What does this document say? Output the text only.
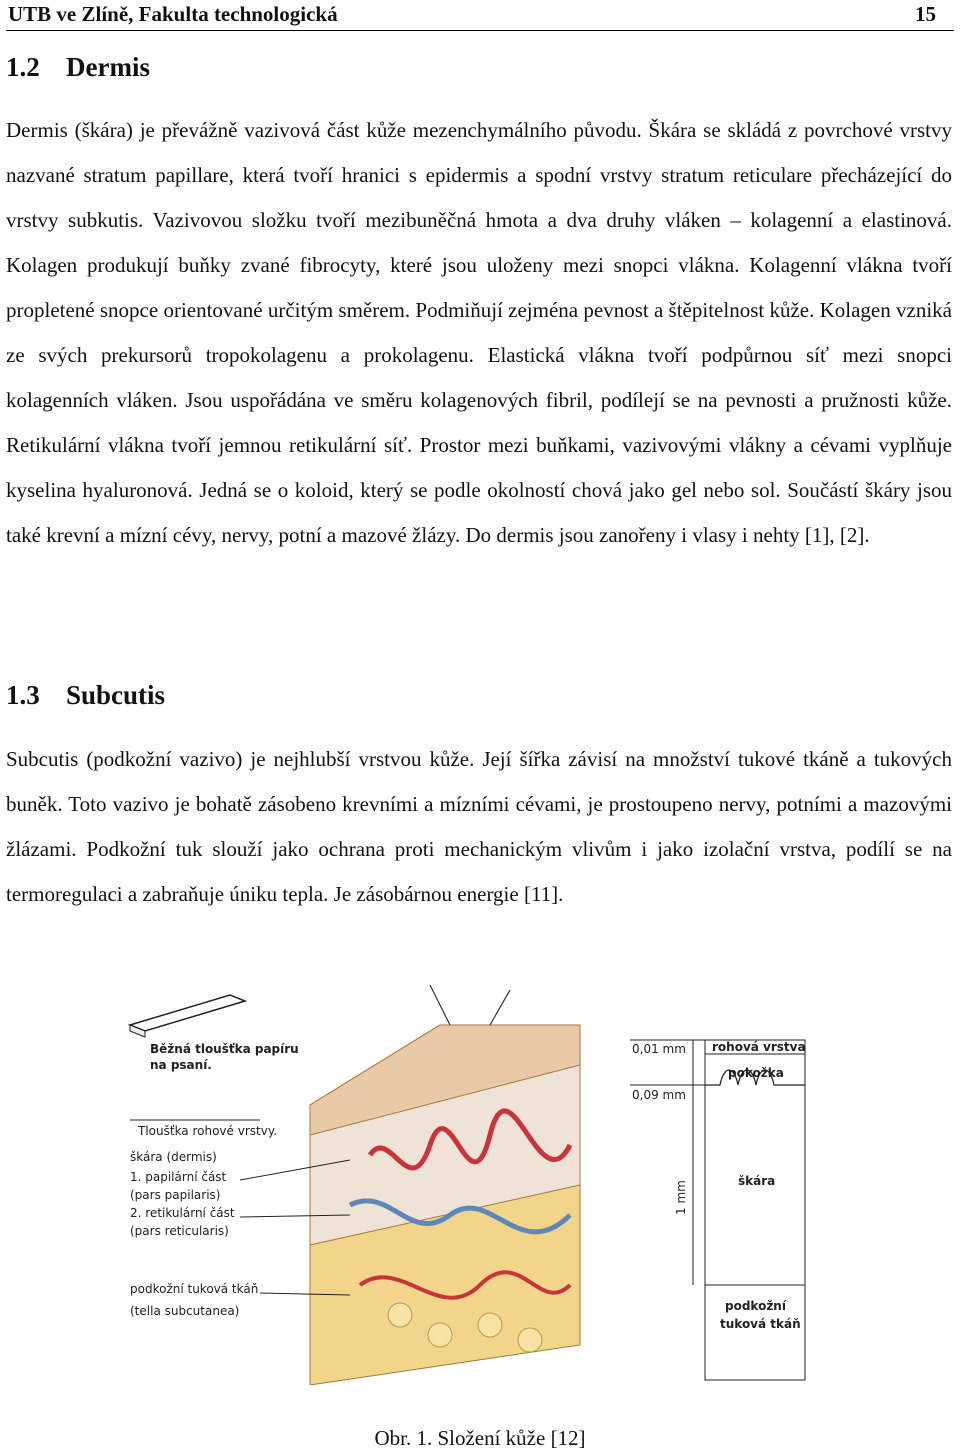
UTB ve Zlíně, Fakulta technologická	15
1.2 Dermis

Dermis (škára) je převážně vazivová část kůže mezenchymálního původu. Škára se skládá z povrchové vrstvy nazvané stratum papillare, která tvoří hranici s epidermis a spodní vrstvy stratum reticulare přecházející do vrstvy subkutis. Vazivovou složku tvoří mezibuněčná hmota a dva druhy vláken – kolagenní a elastinová. Kolagen produkují buňky zvané fibrocyty, které jsou uloženy mezi snopci vlákna. Kolagenní vlákna tvoří propletené snopce orientované určitým směrem. Podmiňují zejména pevnost a štěpitelnost kůže. Kolagen vzniká ze svých prekursorů tropokolagenu a prokolagenu. Elastická vlákna tvoří podpůrnou síť mezi snopci kolagenních vláken. Jsou uspořádána ve směru kolagenových fibril, podílejí se na pevnosti a pružnosti kůže. Retikulární vlákna tvoří jemnou retikulární síť. Prostor mezi buňkami, vazivovými vlákny a cévami vyplňuje kyselina hyaluronová. Jedná se o koloid, který se podle okolností chová jako gel nebo sol. Součástí škáry jsou také krevní a mízní cévy, nervy, potní a mazové žlázy. Do dermis jsou zanořeny i vlasy i nehty [1], [2].

1.3 Subcutis

Subcutis (podkožní vazivo) je nejhlubší vrstvou kůže. Její šířka závisí na množství tukové tkáně a tukových buněk. Toto vazivo je bohatě zásobeno krevními a mízními cévami, je prostoupeno nervy, potními a mazovými žlázami. Podkožní tuk slouží jako ochrana proti mechanickým vlivům i jako izolační vrstva, podílí se na termoregulaci a zabraňuje úniku tepla. Je zásobárnou energie [11].

Běžná tloušťka papíru
na psaní.
Tloušťka rohové vrstvy.
škára (dermis)
1. papilární část
(pars papilaris)
2. retikulární část
(pars reticularis)
podkožní tuková tkáň
(tella subcutanea)
0,01 mm
0,09 mm
1 mm
rohová vrstva
pokožka
škára
podkožní
tuková tkáň
Obr. 1. Složení kůže [12]
